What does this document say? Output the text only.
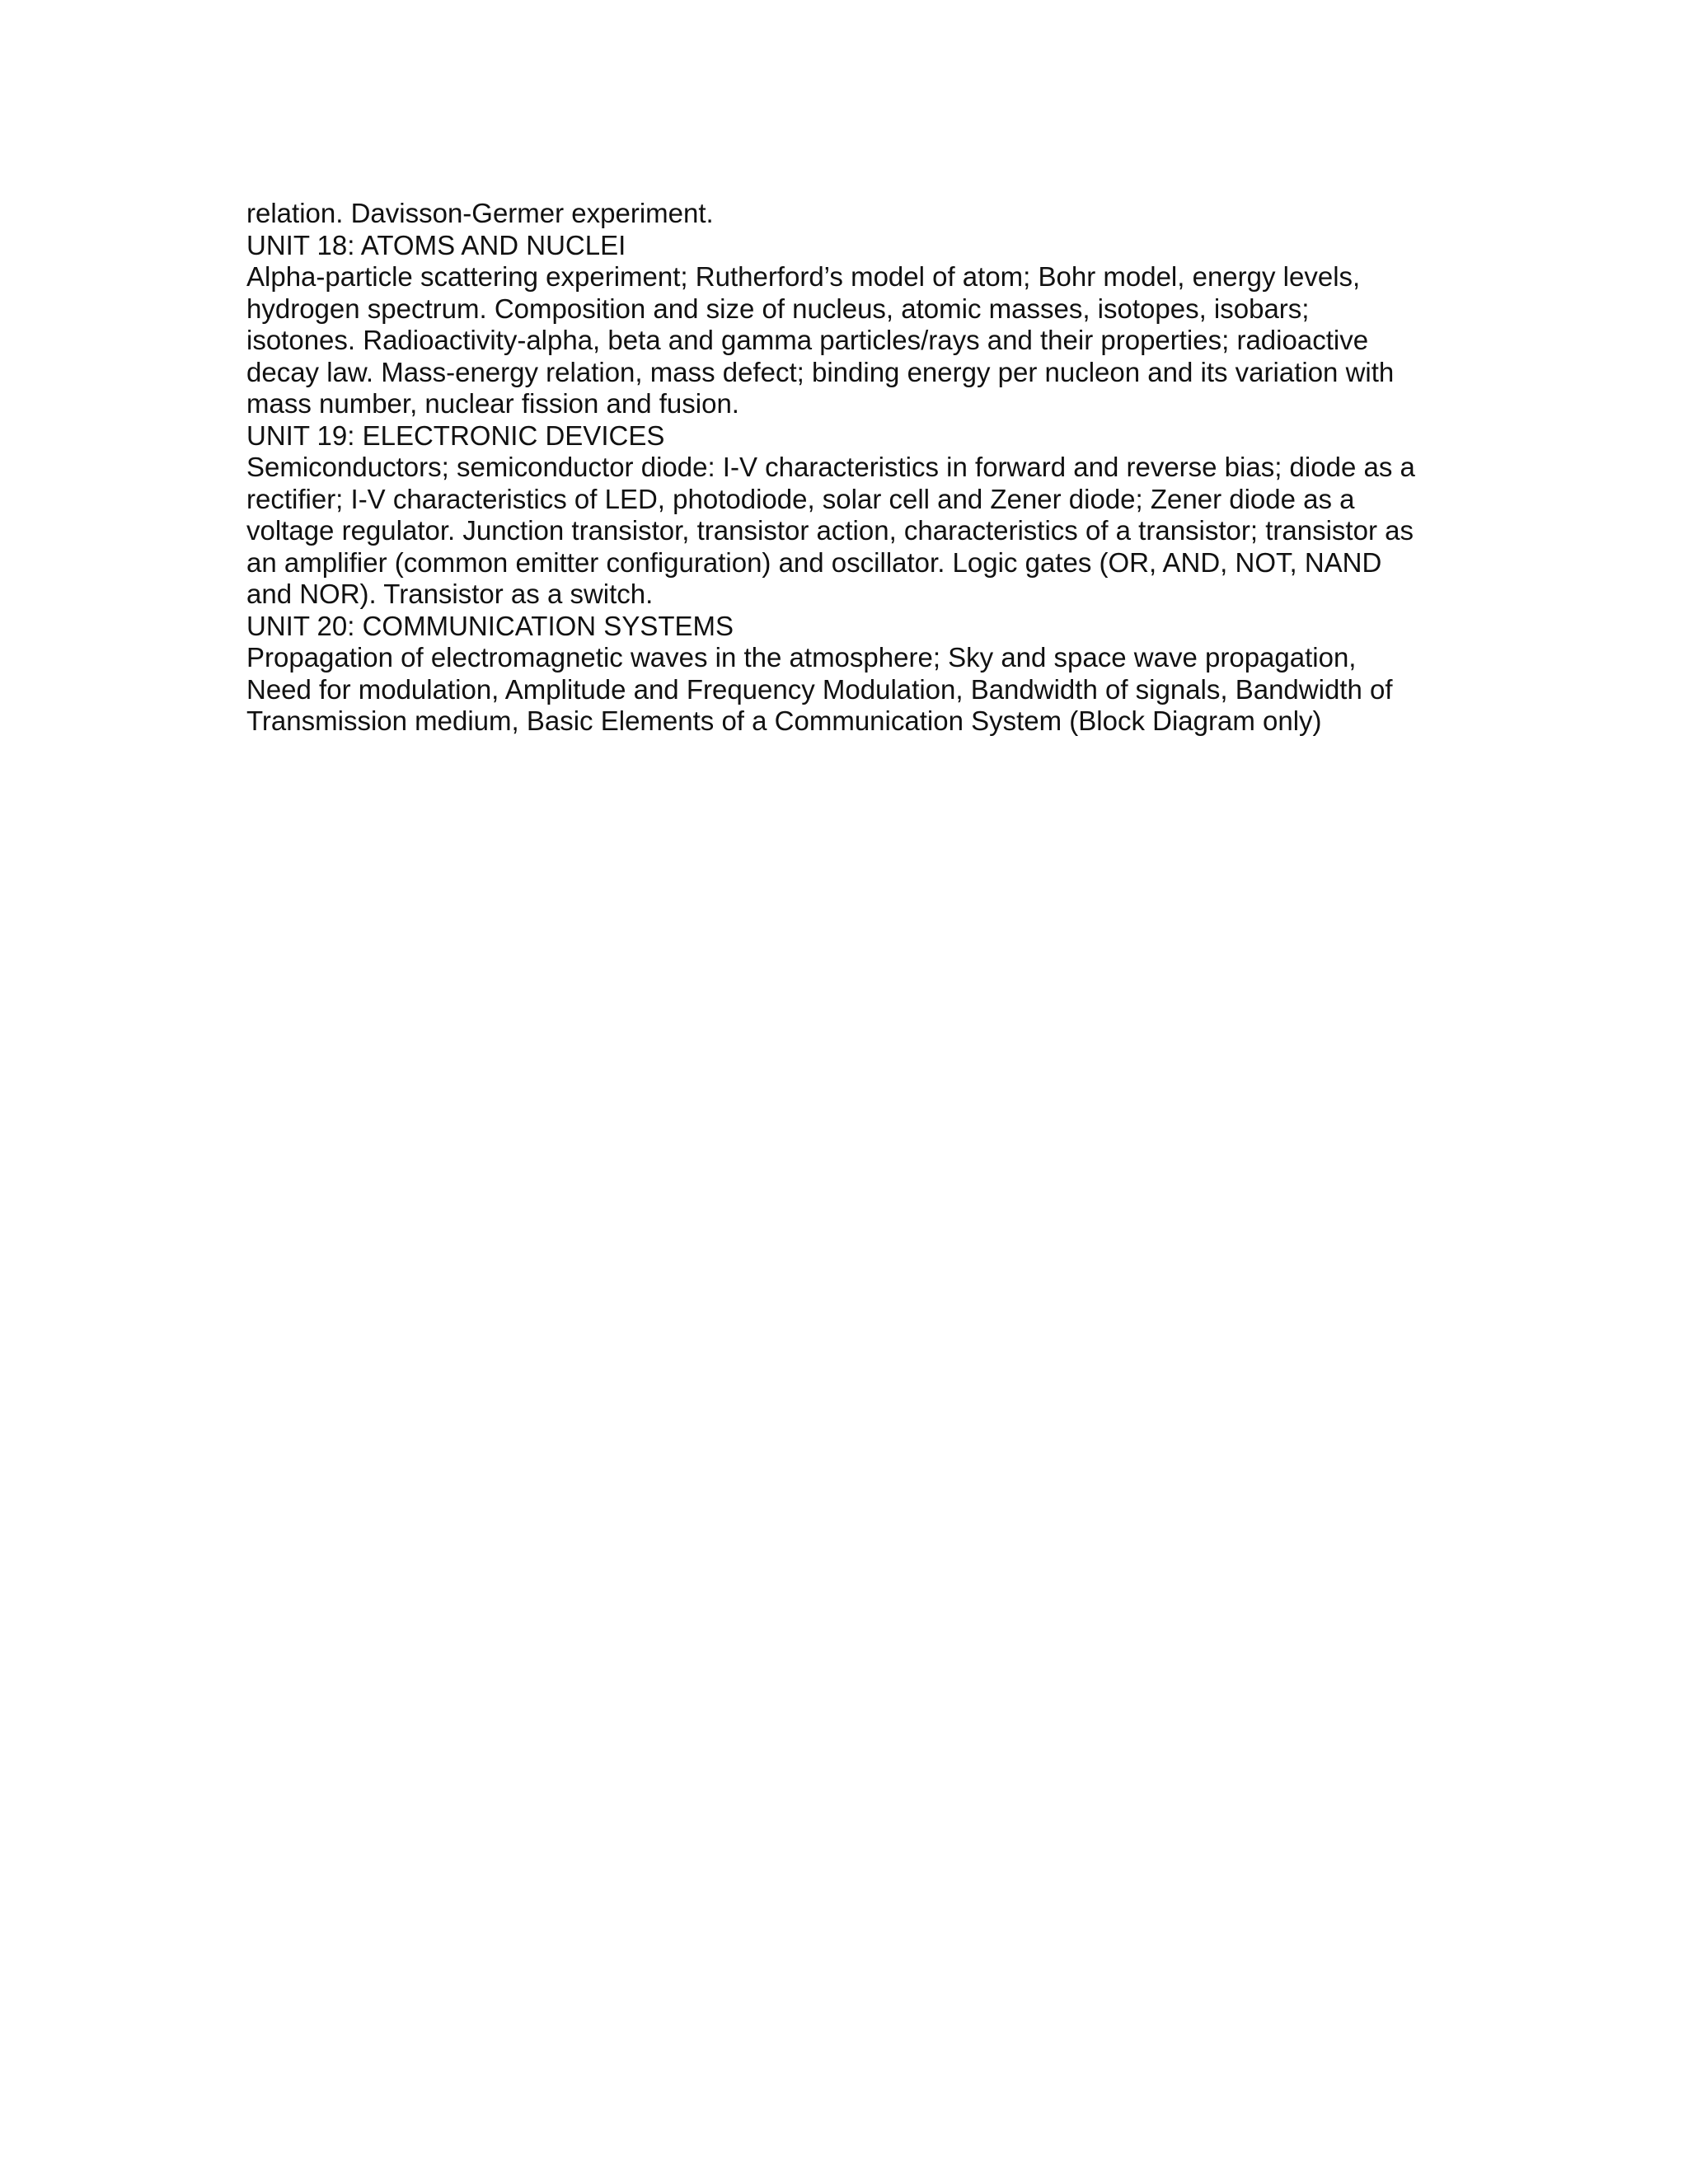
relation. Davisson-Germer experiment.
UNIT 18: ATOMS AND NUCLEI
Alpha-particle scattering experiment; Rutherford’s model of atom; Bohr model, energy levels,
hydrogen spectrum. Composition and size of nucleus, atomic masses, isotopes, isobars;
isotones. Radioactivity-alpha, beta and gamma particles/rays and their properties; radioactive
decay law. Mass-energy relation, mass defect; binding energy per nucleon and its variation with
mass number, nuclear fission and fusion.
UNIT 19: ELECTRONIC DEVICES
Semiconductors; semiconductor diode: I-V characteristics in forward and reverse bias; diode as a
rectifier; I-V characteristics of LED, photodiode, solar cell and Zener diode; Zener diode as a
voltage regulator. Junction transistor, transistor action, characteristics of a transistor; transistor as
an amplifier (common emitter configuration) and oscillator. Logic gates (OR, AND, NOT, NAND
and NOR). Transistor as a switch.
UNIT 20: COMMUNICATION SYSTEMS
Propagation of electromagnetic waves in the atmosphere; Sky and space wave propagation,
Need for modulation, Amplitude and Frequency Modulation, Bandwidth of signals, Bandwidth of
Transmission medium, Basic Elements of a Communication System (Block Diagram only)
